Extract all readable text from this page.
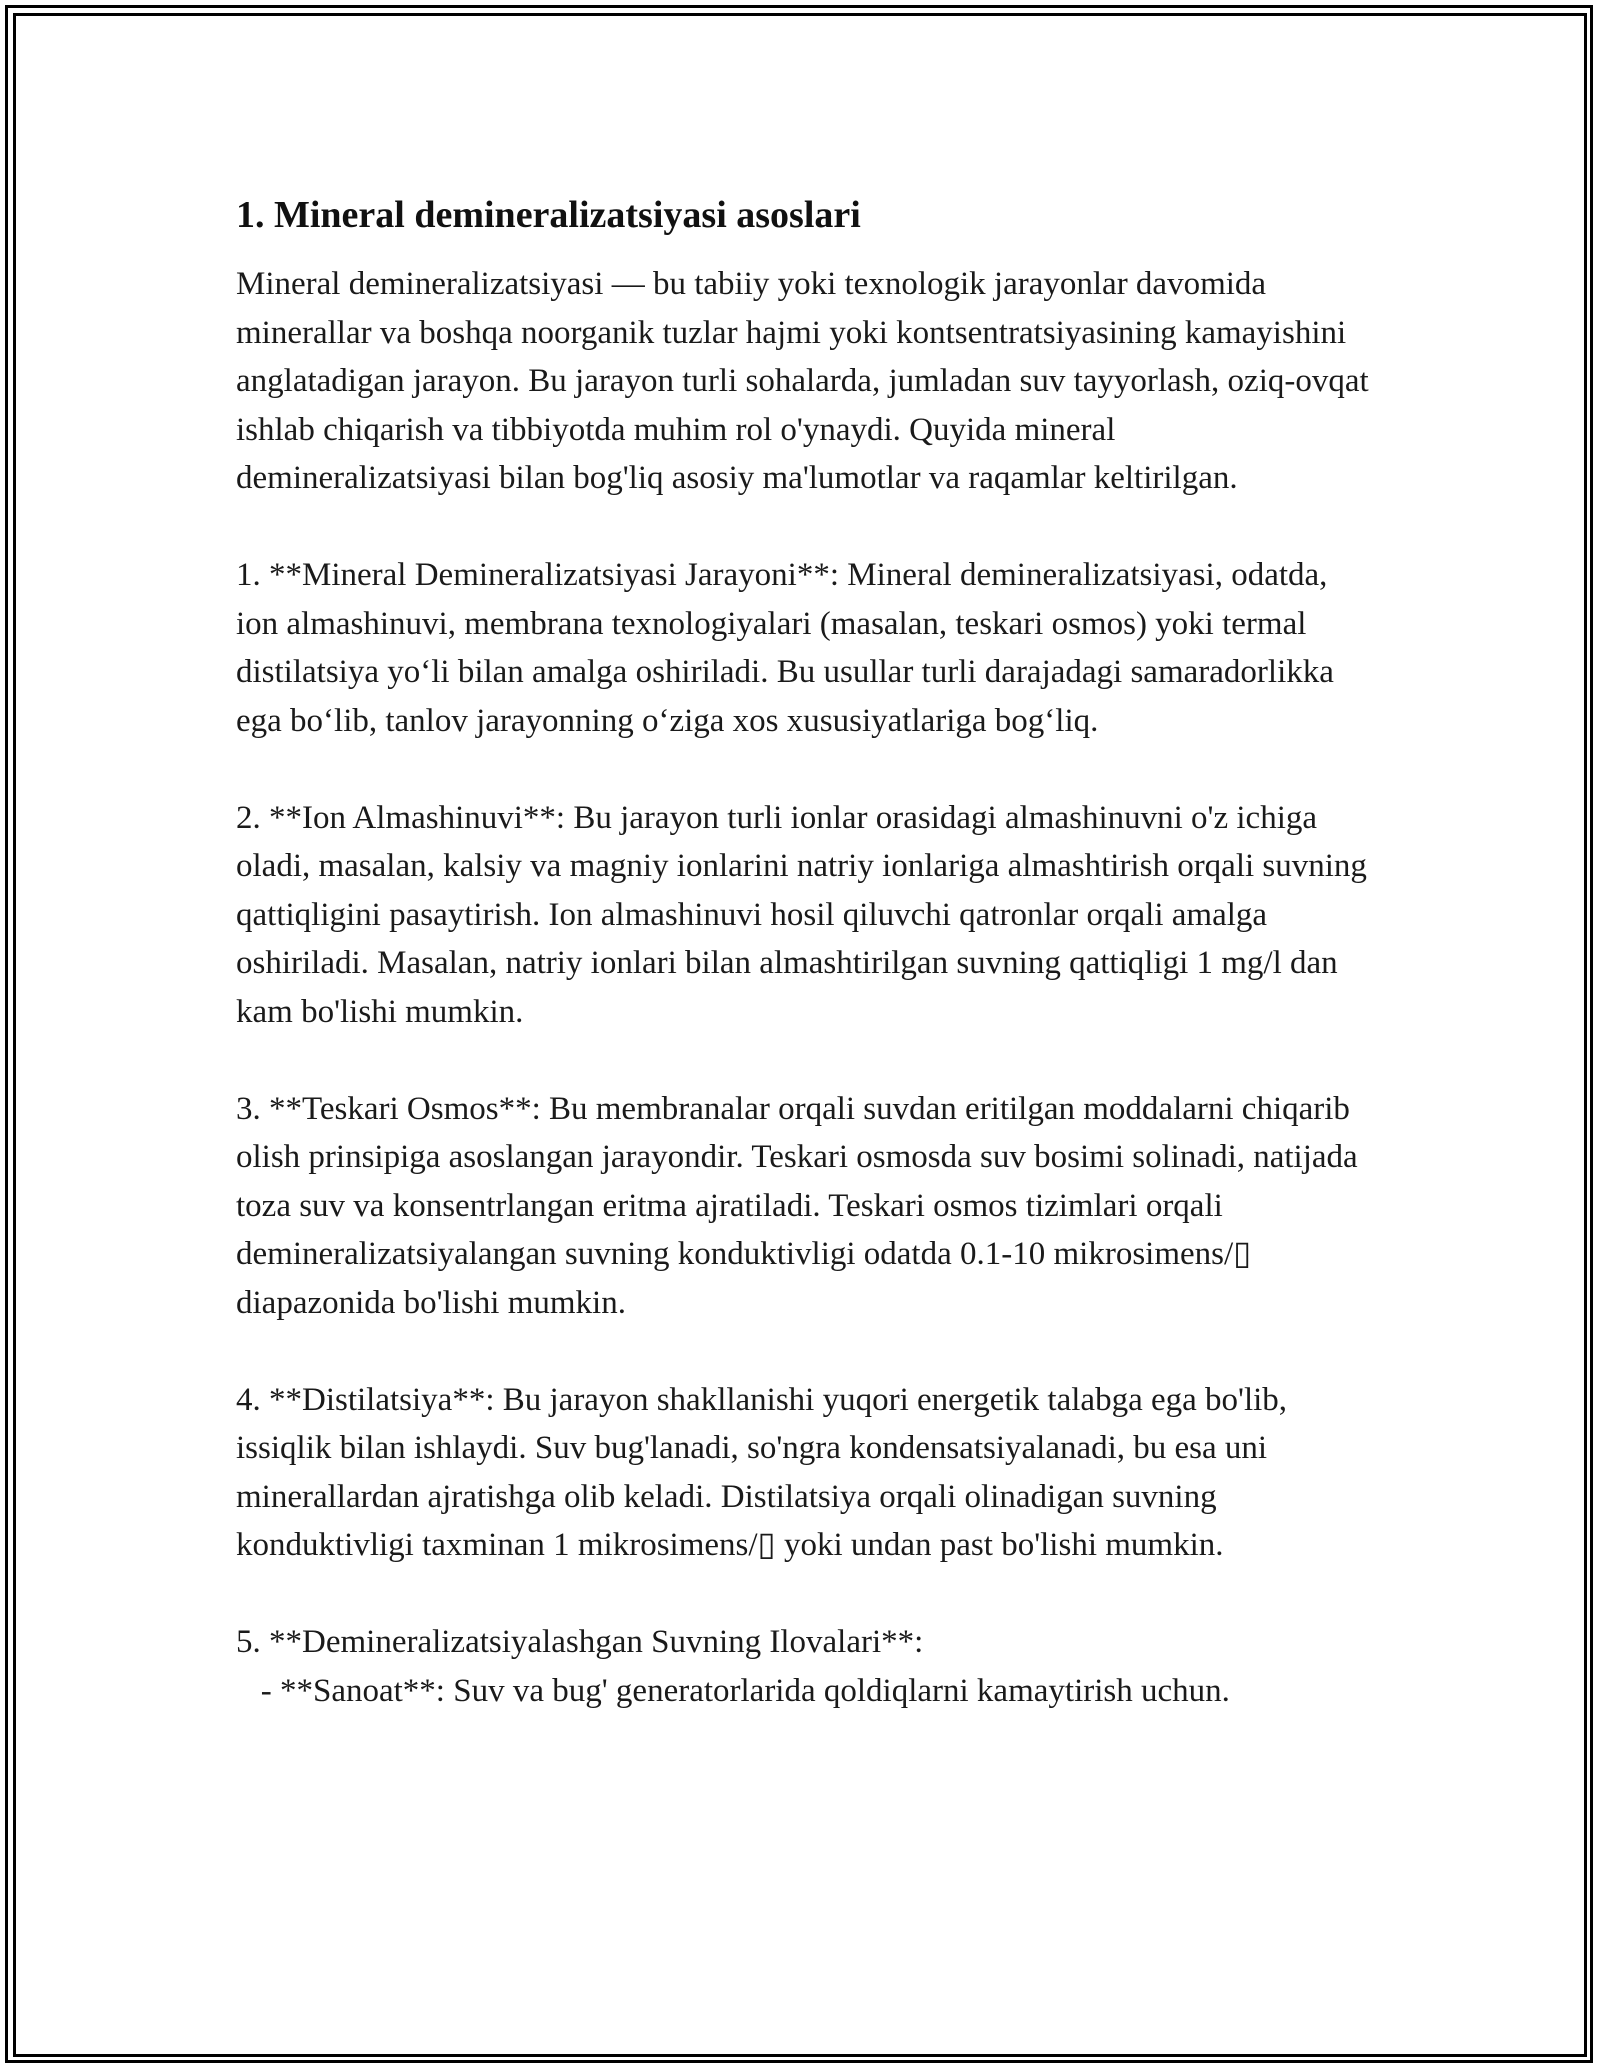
1. Mineral demineralizatsiyasi asoslari

Mineral demineralizatsiyasi — bu tabiiy yoki texnologik jarayonlar davomida minerallar va boshqa noorganik tuzlar hajmi yoki kontsentratsiyasining kamayishini anglatadigan jarayon. Bu jarayon turli sohalarda, jumladan suv tayyorlash, oziq-ovqat ishlab chiqarish va tibbiyotda muhim rol o'ynaydi. Quyida mineral demineralizatsiyasi bilan bog'liq asosiy ma'lumotlar va raqamlar keltirilgan.

1. **Mineral Demineralizatsiyasi Jarayoni**: Mineral demineralizatsiyasi, odatda, ion almashinuvi, membrana texnologiyalari (masalan, teskari osmos) yoki termal distilatsiya yo‘li bilan amalga oshiriladi. Bu usullar turli darajadagi samaradorlikka ega bo‘lib, tanlov jarayonning o‘ziga xos xususiyatlariga bog‘liq.

2. **Ion Almashinuvi**: Bu jarayon turli ionlar orasidagi almashinuvni o'z ichiga oladi, masalan, kalsiy va magniy ionlarini natriy ionlariga almashtirish orqali suvning qattiqligini pasaytirish. Ion almashinuvi hosil qiluvchi qatronlar orqali amalga oshiriladi. Masalan, natriy ionlari bilan almashtirilgan suvning qattiqligi 1 mg/l dan kam bo'lishi mumkin.

3. **Teskari Osmos**: Bu membranalar orqali suvdan eritilgan moddalarni chiqarib olish prinsipiga asoslangan jarayondir. Teskari osmosda suv bosimi solinadi, natijada toza suv va konsentrlangan eritma ajratiladi. Teskari osmos tizimlari orqali demineralizatsiyalangan suvning konduktivligi odatda 0.1-10 mikrosimens/▯ diapazonida bo'lishi mumkin.

4. **Distilatsiya**: Bu jarayon shakllanishi yuqori energetik talabga ega bo'lib, issiqlik bilan ishlaydi. Suv bug'lanadi, so'ngra kondensatsiyalanadi, bu esa uni minerallardan ajratishga olib keladi. Distilatsiya orqali olinadigan suvning konduktivligi taxminan 1 mikrosimens/▯ yoki undan past bo'lishi mumkin.

5. **Demineralizatsiyalashgan Suvning Ilovalari**:
- **Sanoat**: Suv va bug' generatorlarida qoldiqlarni kamaytirish uchun.
